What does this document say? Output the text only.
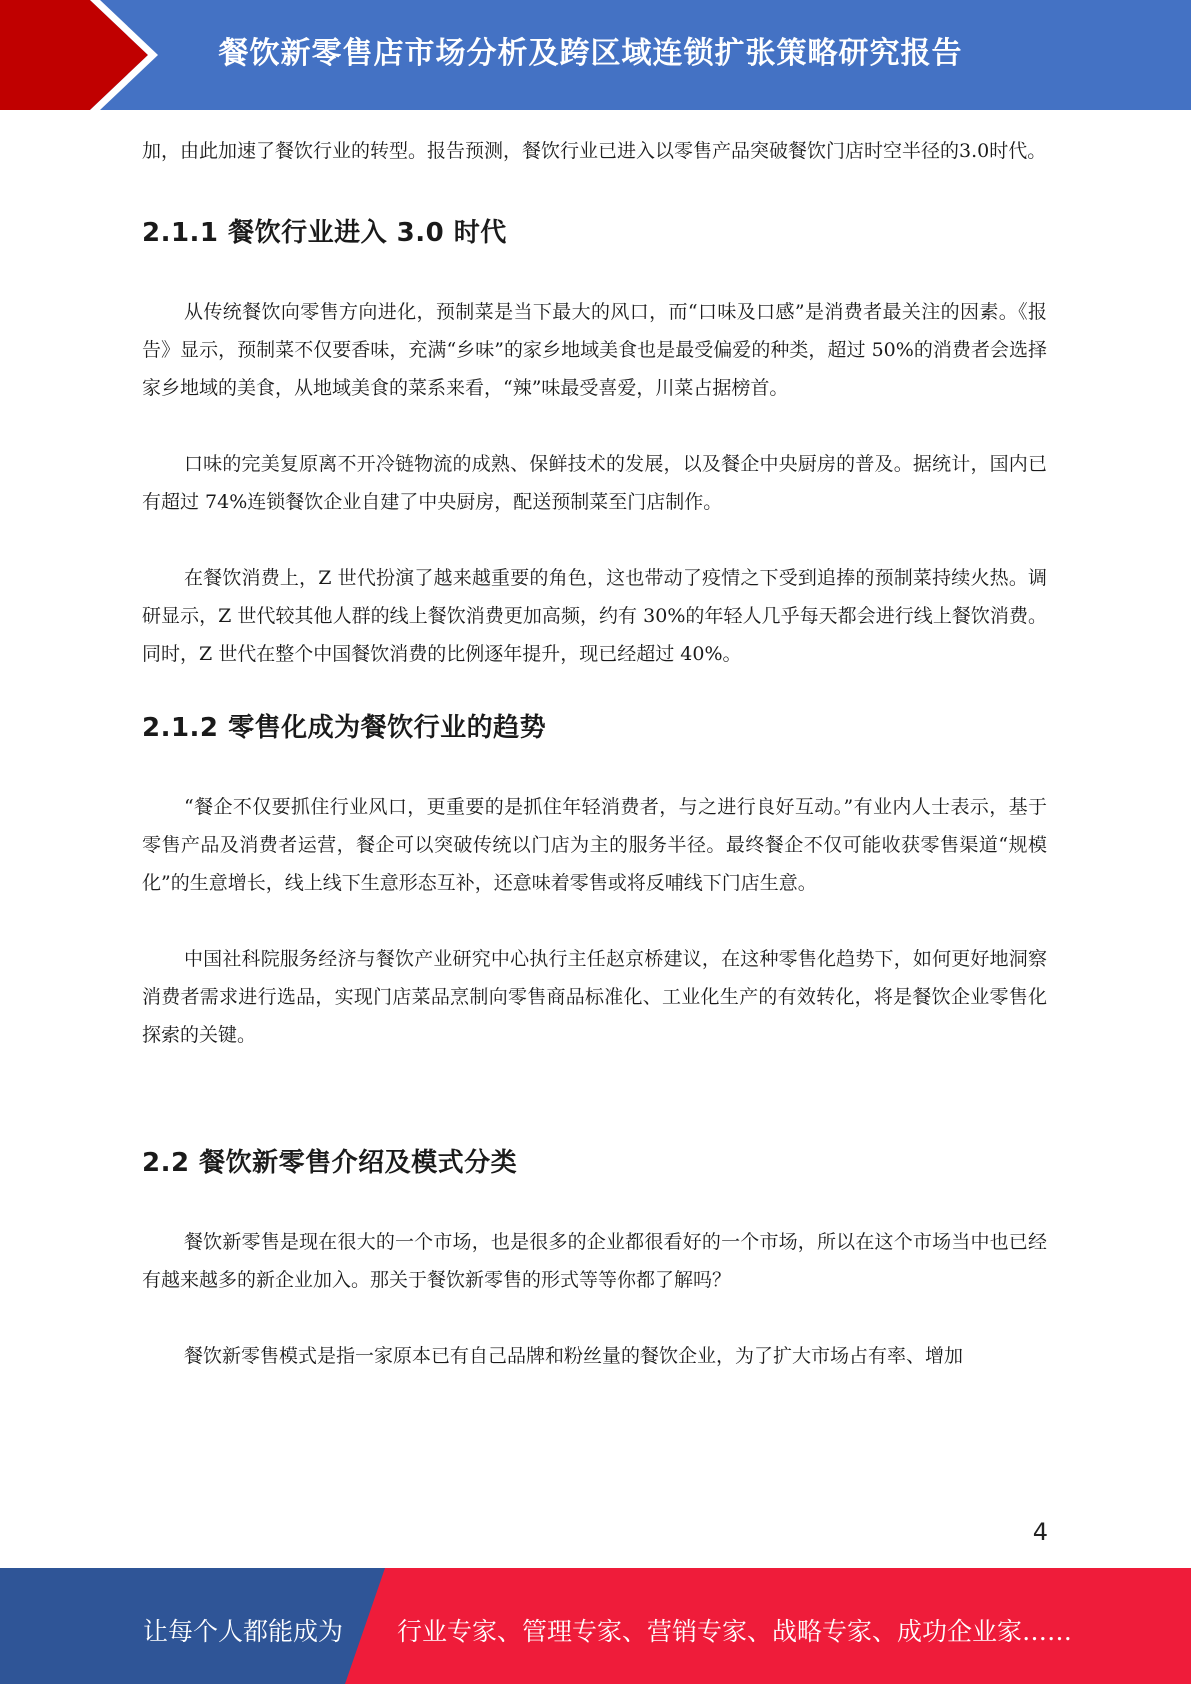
餐饮新零售店市场分析及跨区域连锁扩张策略研究报告

加，由此加速了餐饮行业的转型。报告预测，餐饮行业已进入以零售产品突破餐饮门店时空半径的3.0时代。

2.1.1 餐饮行业进入 3.0 时代

从传统餐饮向零售方向进化，预制菜是当下最大的风口，而“口味及口感”是消费者最关注的因素。《报告》显示，预制菜不仅要香味，充满“乡味”的家乡地域美食也是最受偏爱的种类，超过 50%的消费者会选择家乡地域的美食，从地域美食的菜系来看，“辣”味最受喜爱，川菜占据榜首。

口味的完美复原离不开冷链物流的成熟、保鲜技术的发展，以及餐企中央厨房的普及。据统计，国内已有超过 74%连锁餐饮企业自建了中央厨房，配送预制菜至门店制作。

在餐饮消费上，Z 世代扮演了越来越重要的角色，这也带动了疫情之下受到追捧的预制菜持续火热。调研显示，Z 世代较其他人群的线上餐饮消费更加高频，约有 30%的年轻人几乎每天都会进行线上餐饮消费。同时，Z 世代在整个中国餐饮消费的比例逐年提升，现已经超过 40%。

2.1.2 零售化成为餐饮行业的趋势

“餐企不仅要抓住行业风口，更重要的是抓住年轻消费者，与之进行良好互动。”有业内人士表示，基于零售产品及消费者运营，餐企可以突破传统以门店为主的服务半径。最终餐企不仅可能收获零售渠道“规模化”的生意增长，线上线下生意形态互补，还意味着零售或将反哺线下门店生意。

中国社科院服务经济与餐饮产业研究中心执行主任赵京桥建议，在这种零售化趋势下，如何更好地洞察消费者需求进行选品，实现门店菜品烹制向零售商品标准化、工业化生产的有效转化，将是餐饮企业零售化探索的关键。

2.2 餐饮新零售介绍及模式分类

餐饮新零售是现在很大的一个市场，也是很多的企业都很看好的一个市场，所以在这个市场当中也已经有越来越多的新企业加入。那关于餐饮新零售的形式等等你都了解吗？

餐饮新零售模式是指一家原本已有自己品牌和粉丝量的餐饮企业，为了扩大市场占有率、增加

4
让每个人都能成为 行业专家、管理专家、营销专家、战略专家、成功企业家……
